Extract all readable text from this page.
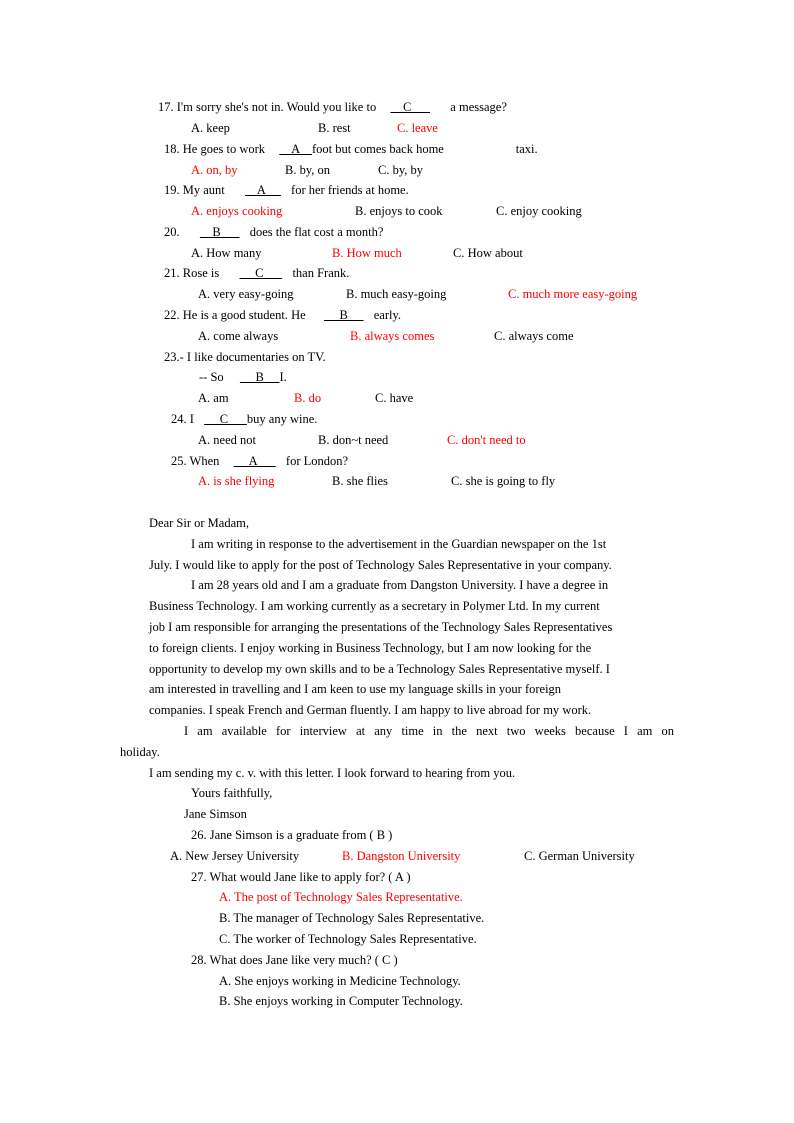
17. I'm sorry she's not in. Would you like to      C        a message?
A. keep	B. rest	C. leave
18. He goes to work      A    foot but comes back home                       taxi.
A. on, by	B. by, on	C. by, by
19. My aunt      A       for her friends at home.
A. enjoys cooking	B. enjoys to cook	C. enjoy cooking
20.      B        does the flat cost a month?
A. How many	B. How much	C. How about
21. Rose is       C        than Frank.
A. very easy-going	B. much easy-going	C. much more easy-going
22. He is a good student. He       B       early.
A. come always	B. always comes	C. always come
23.- I like documentaries on TV.
-- So       B     I.
A. am	B. do	C. have
24. I       C      buy any wine.
A. need not	B. don~t need	C. don't need to
25. When       A        for London?
A. is she flying	B. she flies	C. she is going to fly
Dear Sir or Madam,
I am writing in response to the advertisement in the Guardian newspaper on the 1st
July. I would like to apply for the post of Technology Sales Representative in your company.
I am 28 years old and I am a graduate from Dangston University. I have a degree in
Business Technology. I am working currently as a secretary in Polymer Ltd. In my current
job I am responsible for arranging the presentations of the Technology Sales Representatives
to foreign clients. I enjoy working in Business Technology, but I am now looking for the
opportunity to develop my own skills and to be a Technology Sales Representative myself. I
am interested in travelling and I am keen to use my language skills in your foreign
companies. I speak French and German fluently. I am happy to live abroad for my work.
I am available for interview at any time in the next two weeks because I am on
holiday.
I am sending my c. v. with this letter. I look forward to hearing from you.
Yours faithfully,
Jane Simson
26. Jane Simson is a graduate from ( B )
A. New Jersey University	B. Dangston University	C. German University
27. What would Jane like to apply for? ( A )
A. The post of Technology Sales Representative.
B. The manager of Technology Sales Representative.
C. The worker of Technology Sales Representative.
28. What does Jane like very much? ( C )
A. She enjoys working in Medicine Technology.
B. She enjoys working in Computer Technology.
